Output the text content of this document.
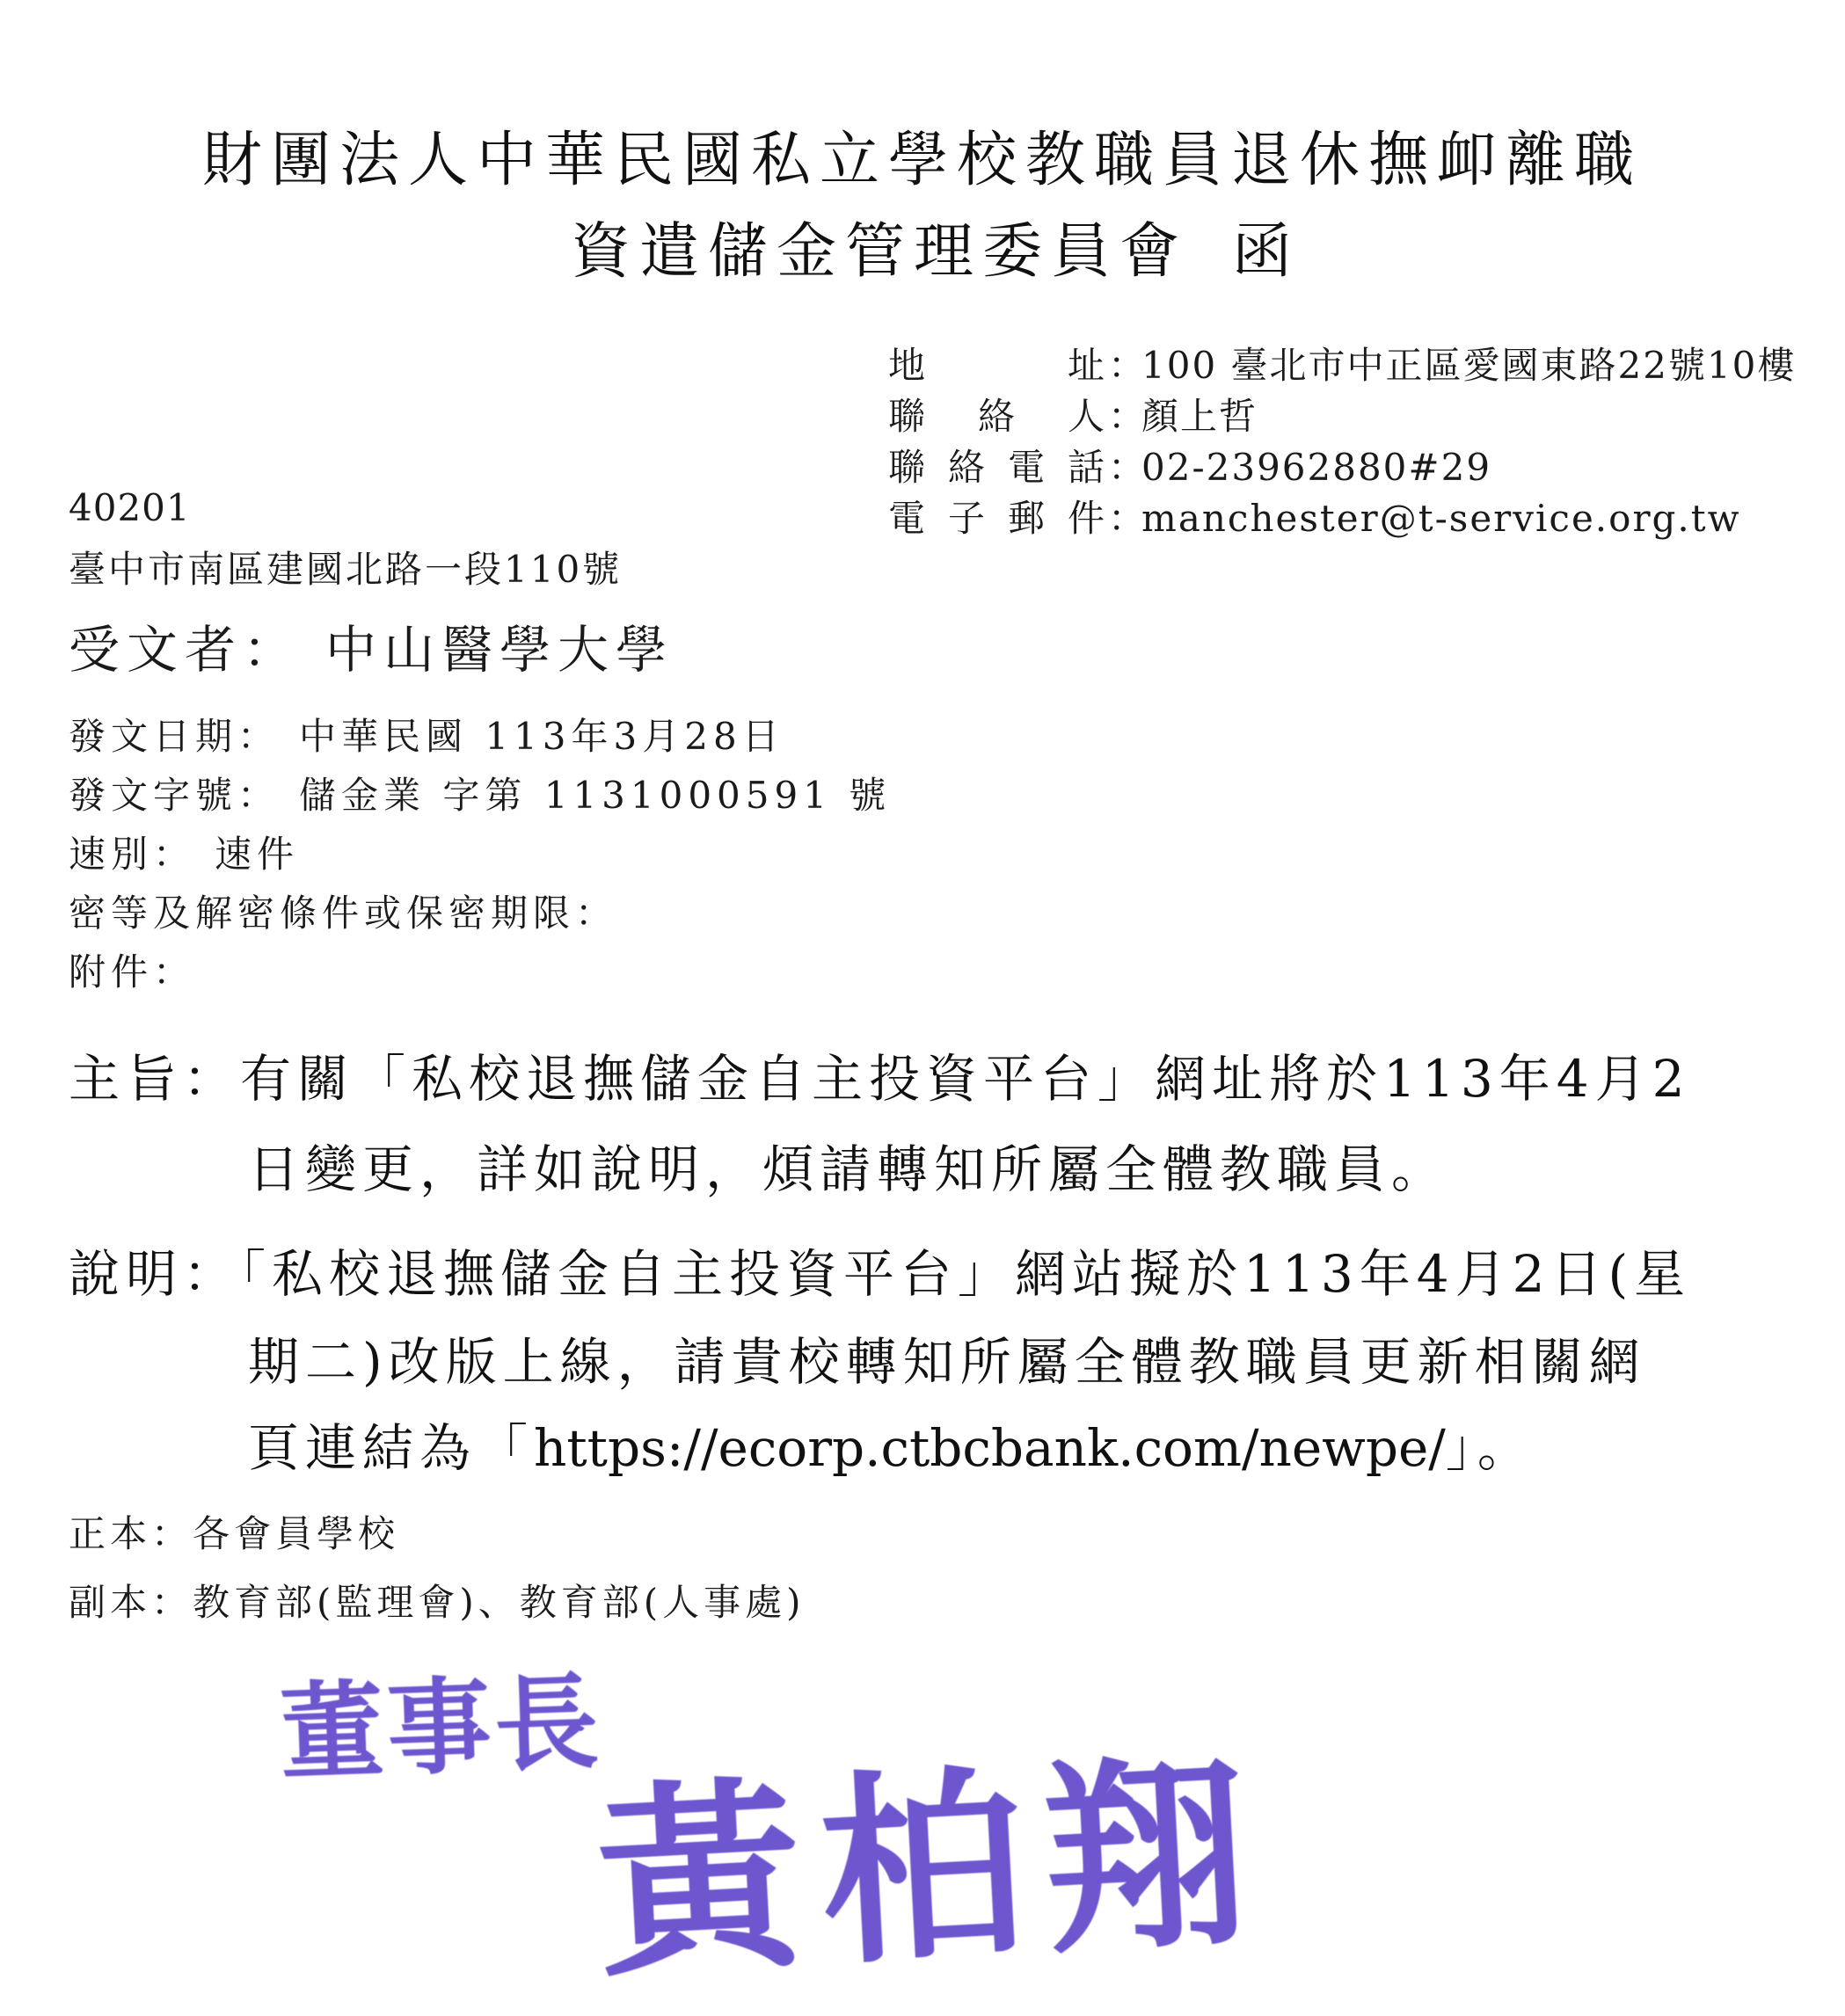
財團法人中華民國私立學校教職員退休撫卹離職
資遣儲金管理委員會 函
地址：100 臺北市中正區愛國東路22號10樓
聯絡人：顏上哲
聯絡電話：02-23962880#29
電子郵件：manchester@t-service.org.tw
40201
臺中市南區建國北路一段110號
受文者： 中山醫學大學
發文日期： 中華民國 113年3月28日
發文字號： 儲金業 字第 1131000591 號
速別： 速件
密等及解密條件或保密期限：
附件：
主旨：有關「私校退撫儲金自主投資平台」網址將於113年4月2
日變更，詳如說明，煩請轉知所屬全體教職員。
說明：「私校退撫儲金自主投資平台」網站擬於113年4月2日(星
期二)改版上線，請貴校轉知所屬全體教職員更新相關網
頁連結為「https://ecorp.ctbcbank.com/newpe/」。
正本：各會員學校
副本：教育部(監理會)、教育部(人事處)
董事長
黃柏翔
